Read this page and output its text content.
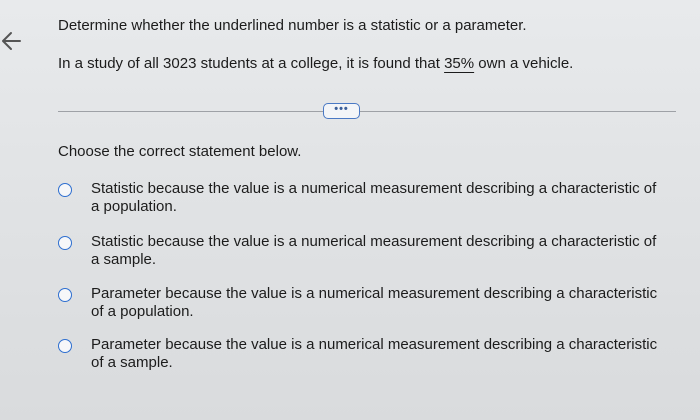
Determine whether the underlined number is a statistic or a parameter.
In a study of all 3023 students at a college, it is found that 35% own a vehicle.
•••
Choose the correct statement below.
Statistic because the value is a numerical measurement describing a characteristic of a population.
Statistic because the value is a numerical measurement describing a characteristic of a sample.
Parameter because the value is a numerical measurement describing a characteristic of a population.
Parameter because the value is a numerical measurement describing a characteristic of a sample.
